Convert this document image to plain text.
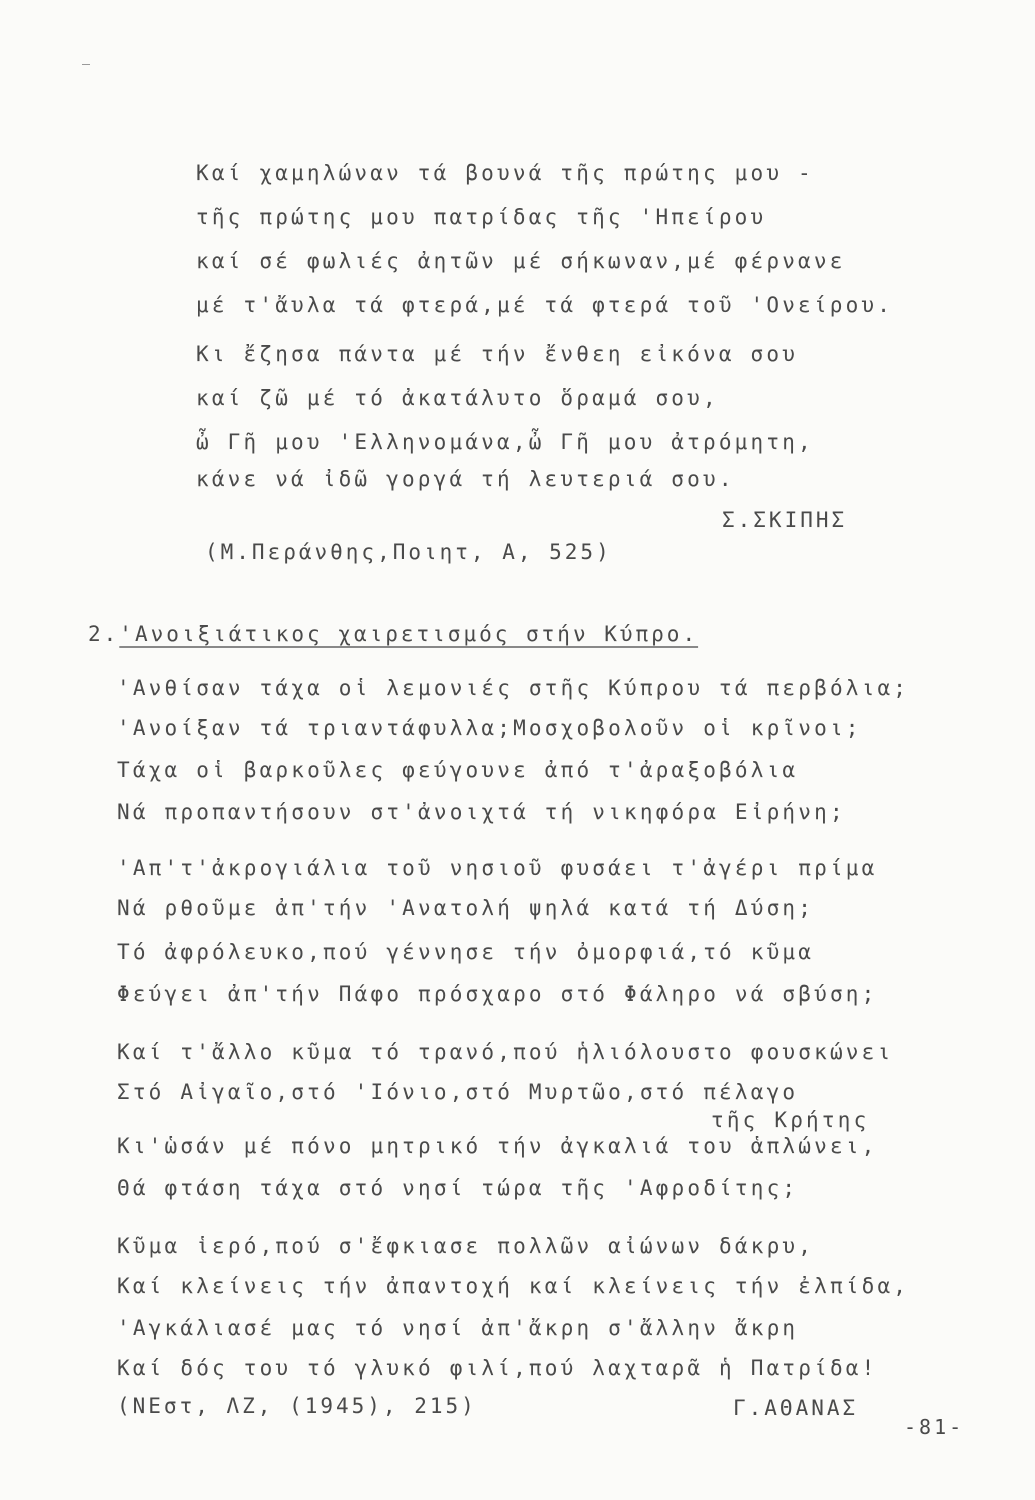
Καί χαμηλώναν τά βουνά τῆς πρώτης μου -
τῆς πρώτης μου πατρίδας τῆς 'Ηπείρου
καί σέ φωλιές ἀητῶν μέ σήκωναν,μέ φέρνανε
μέ τ'ἄυλα τά φτερά,μέ τά φτερά τοῦ 'Ονείρου.
Κι ἔζησα πάντα μέ τήν ἔνθεη εἰκόνα σου
καί ζῶ μέ τό ἀκατάλυτο ὅραμά σου,
ὦ Γῆ μου 'Ελληνομάνα,ὦ Γῆ μου ἀτρόμητη,
κάνε νά ἰδῶ γοργά τή λευτεριά σου.
Σ.ΣΚΙΠΗΣ
(Μ.Περάνθης,Ποιητ, Α, 525)
2.'Ανοιξιάτικος χαιρετισμός στήν Κύπρο.
'Ανθίσαν τάχα οἱ λεμονιές στῆς Κύπρου τά περβόλια;
'Ανοίξαν τά τριαντάφυλλα;Μοσχοβολοῦν οἱ κρῖνοι;
Τάχα οἱ βαρκοῦλες φεύγουνε ἀπό τ'ἀραξοβόλια
Νά προπαντήσουν στ'ἀνοιχτά τή νικηφόρα Εἰρήνη;
'Απ'τ'ἀκρογιάλια τοῦ νησιοῦ φυσάει τ'ἀγέρι πρίμα
Νά ρθοῦμε ἀπ'τήν 'Ανατολή ψηλά κατά τή Δύση;
Τό ἀφρόλευκο,πού γέννησε τήν ὀμορφιά,τό κῦμα
Φεύγει ἀπ'τήν Πάφο πρόσχαρο στό Φάληρο νά σβύση;
Καί τ'ἄλλο κῦμα τό τρανό,πού ἡλιόλουστο φουσκώνει
Στό Αἰγαῖο,στό 'Ιόνιο,στό Μυρτῶο,στό πέλαγο
τῆς Κρήτης
Κι'ὡσάν μέ πόνο μητρικό τήν ἀγκαλιά του ἁπλώνει,
Θά φτάση τάχα στό νησί τώρα τῆς 'Αφροδίτης;
Κῦμα ἱερό,πού σ'ἔφκιασε πολλῶν αἰώνων δάκρυ,
Καί κλείνεις τήν ἀπαντοχή καί κλείνεις τήν ἐλπίδα,
'Αγκάλιασέ μας τό νησί ἀπ'ἄκρη σ'ἄλλην ἄκρη
Καί δός του τό γλυκό φιλί,πού λαχταρᾶ ἡ Πατρίδα!
(ΝΕστ, ΛΖ, (1945), 215)	Γ.ΑΘΑΝΑΣ
-81-
